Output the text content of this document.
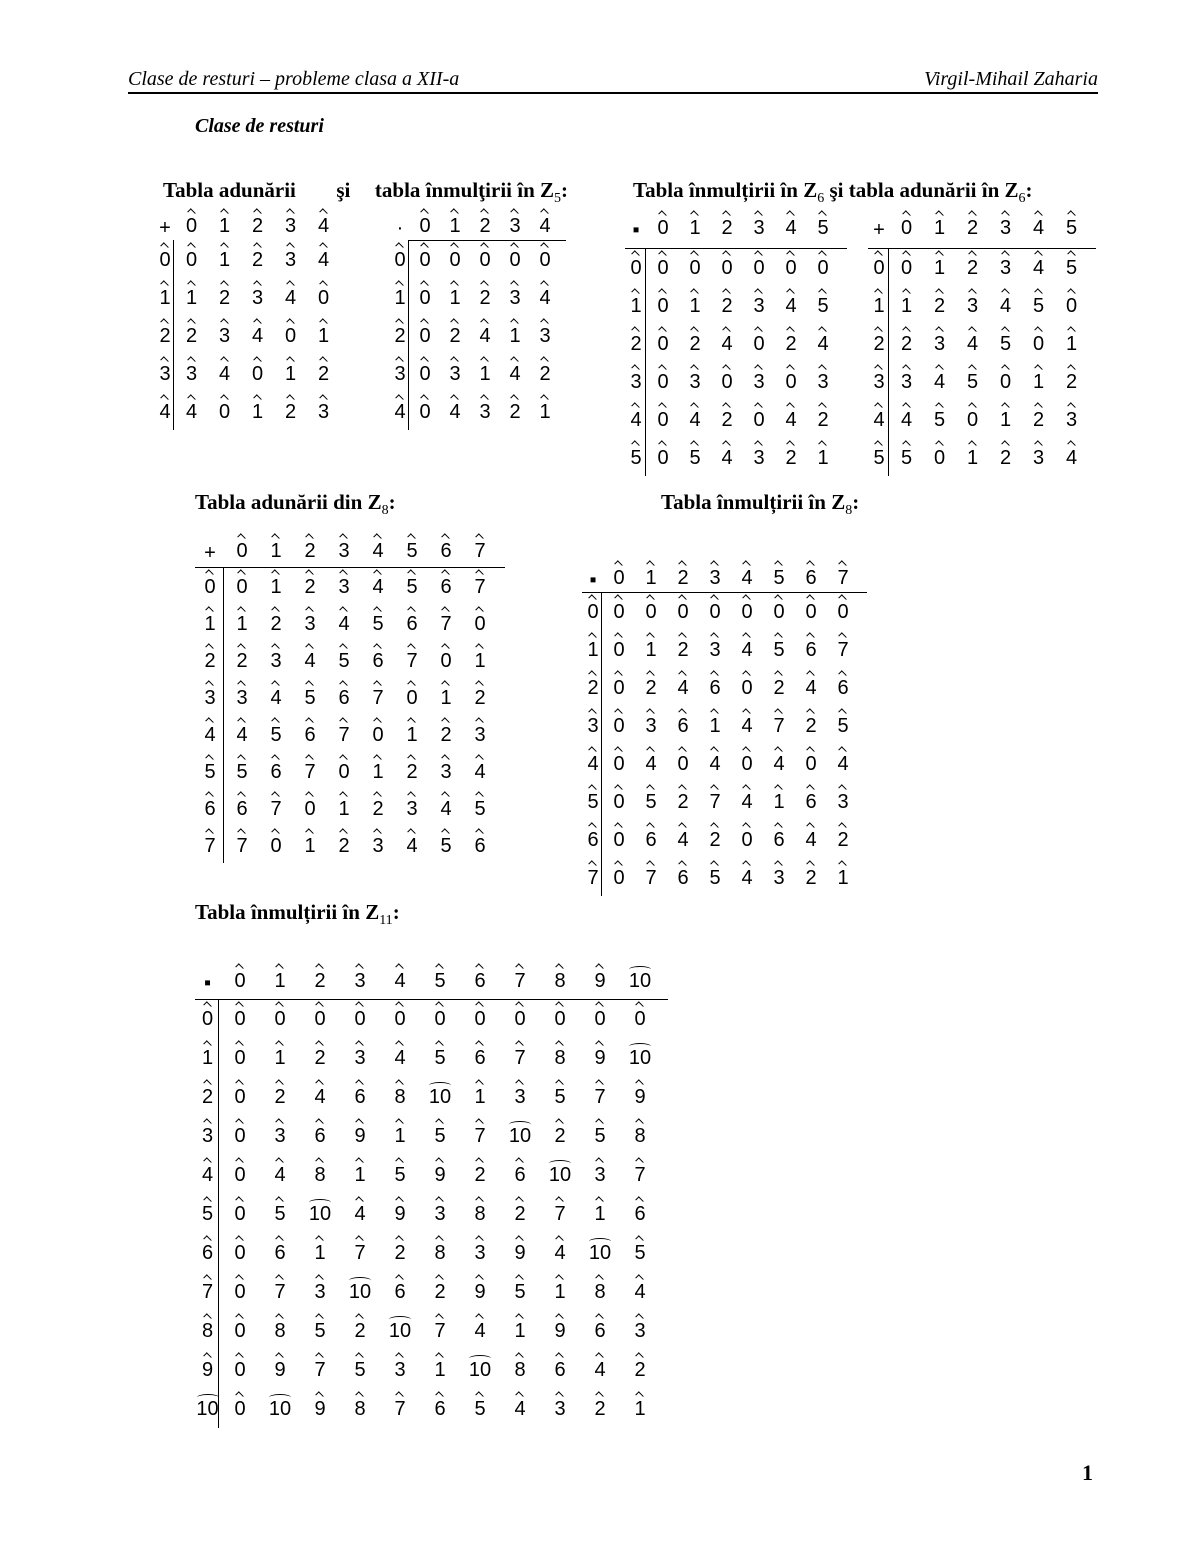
Clase de resturi – probleme clasa a XII-a	Virgil-Mihail Zaharia
Clase de resturi
Tabla adunării şi tabla înmulţirii în $Z_5$:	Tabla înmulțirii în $Z_6$ şi tabla adunării în $Z_6$:
Tabla adunării din $Z_8$:	Tabla înmulțirii în $Z_8$:
Tabla înmulțirii în $Z_{11}$:
+ 0	1	2	3	4
0 0	1	2	3	4
1 1	2	3	4	0
2 2	3	4	0	1
3 3	4	0	1	2
4 4	0	1	2	3
· 0 1 2 3 4
0 0 0 0 0 0
1 0 1 2 3 4
2 0 2 4 1 3
3 0 3 1 4 2
4 0 4 3 2 1
▪ 0	1	2	3	4	5
0 0	0	0	0	0	0
1 0	1	2	3	4	5
2 0	2	4	0	2	4
3 0	3	0	3	0	3
4 0	4	2	0	4	2
5 0	5	4	3	2	1
+ 0	1	2	3	4	5
0 0	1	2	3	4	5
1 1	2	3	4	5	0
2 2	3	4	5	0	1
3 3	4	5	0	1	2
4 4	5	0	1	2	3
5 5	0	1	2	3	4
+	0	1	2	3	4	5	6	7
0	0	1	2	3	4	5	6	7
1	1	2	3	4	5	6	7	0
2	2	3	4	5	6	7	0	1
3	3	4	5	6	7	0	1	2
4	4	5	6	7	0	1	2	3
5	5	6	7	0	1	2	3	4
6	6	7	0	1	2	3	4	5
7	7	0	1	2	3	4	5	6
▪ 0	1	2	3	4	5	6	7
0 0	0	0	0	0	0	0	0
1 0	1	2	3	4	5	6	7
2 0	2	4	6	0	2	4	6
3 0	3	6	1	4	7	2	5
4 0	4	0	4	0	4	0	4
5 0	5	2	7	4	1	6	3
6 0	6	4	2	0	6	4	2
7 0	7	6	5	4	3	2	1
▪	0	1	2	3	4	5	6	7	8	9	10
0	0	0	0	0	0	0	0	0	0	0	0
1	0	1	2	3	4	5	6	7	8	9	10
2	0	2	4	6	8	10	1	3	5	7	9
3	0	3	6	9	1	5	7	10	2	5	8
4	0	4	8	1	5	9	2	6	10	3	7
5	0	5	10	4	9	3	8	2	7	1	6
6	0	6	1	7	2	8	3	9	4	10	5
7	0	7	3	10	6	2	9	5	1	8	4
8	0	8	5	2	10	7	4	1	9	6	3
9	0	9	7	5	3	1	10	8	6	4	2
10 0	10	9	8	7	6	5	4	3	2	1
1
